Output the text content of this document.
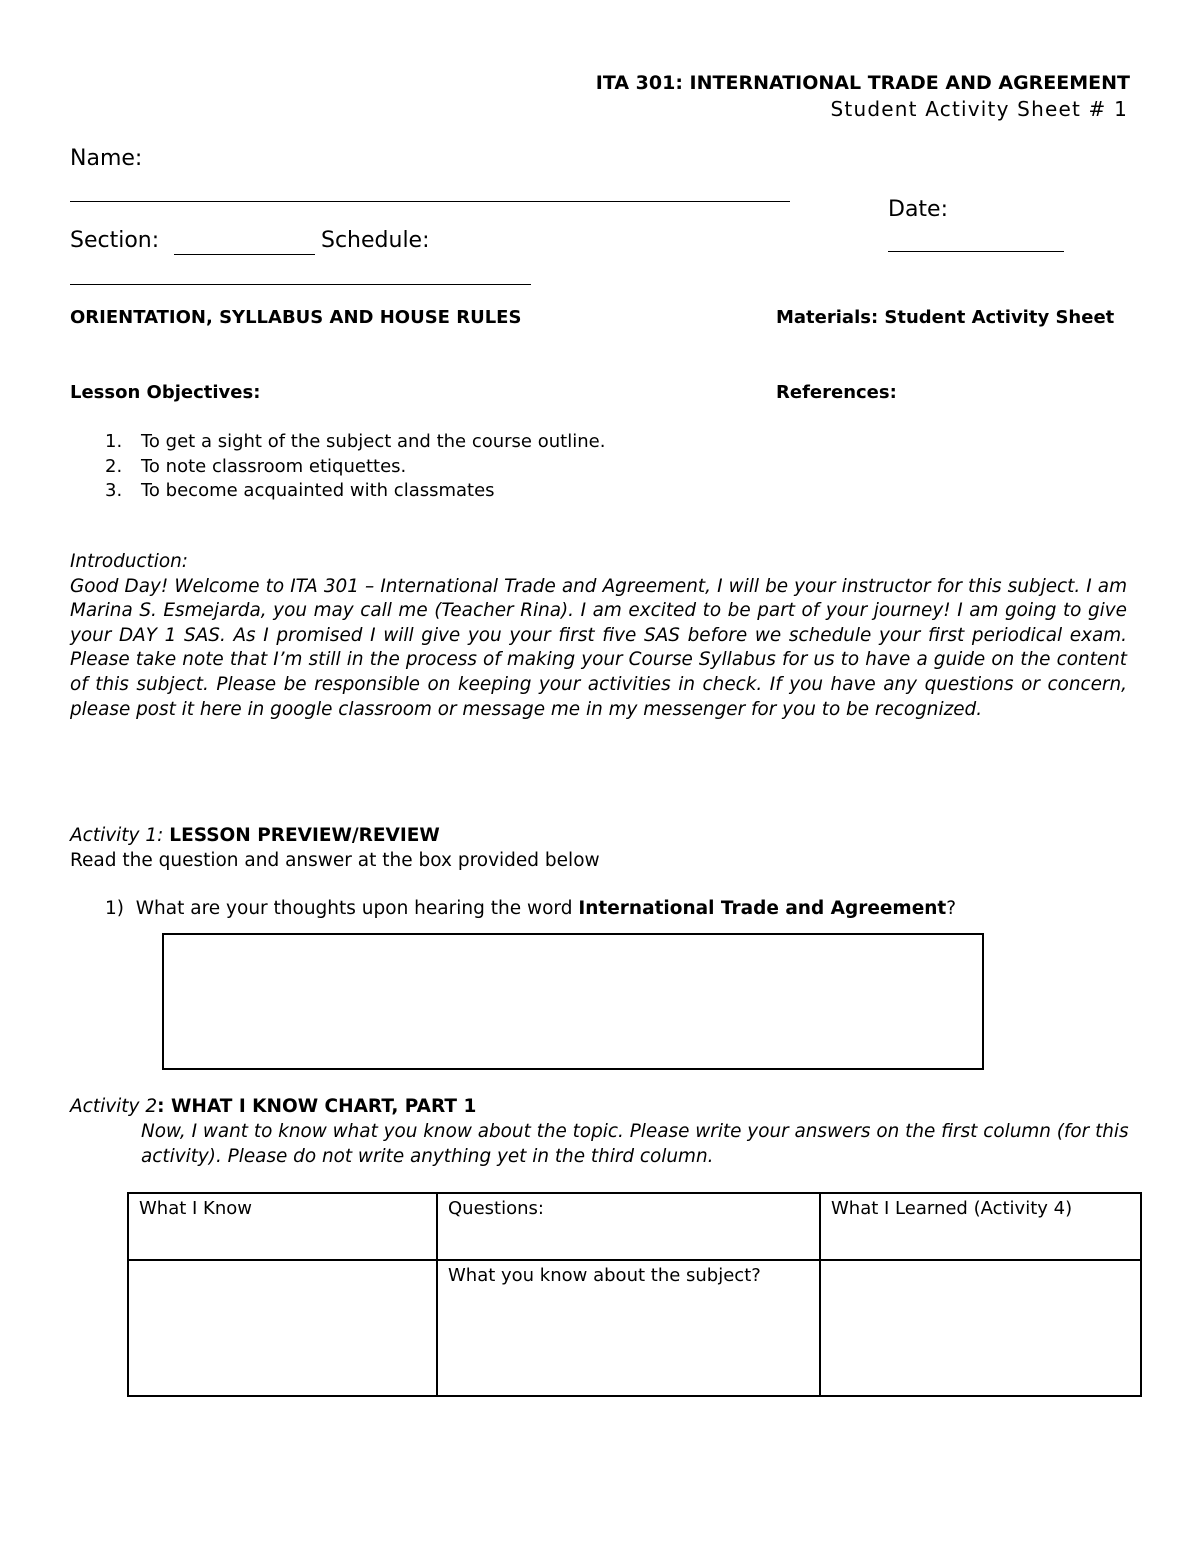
ITA 301: INTERNATIONAL TRADE AND AGREEMENT
Student Activity Sheet # 1
Name:
Date:
Section:	Schedule:
ORIENTATION, SYLLABUS AND HOUSE RULES	Materials: Student Activity Sheet
Lesson Objectives:	References:
1.	To get a sight of the subject and the course outline.
2.	To note classroom etiquettes.
3.	To become acquainted with classmates

Introduction:

Good Day! Welcome to ITA 301 – International Trade and Agreement, I will be your instructor for this subject. I am Marina S. Esmejarda, you may call me (Teacher Rina). I am excited to be part of your journey! I am going to give your DAY 1 SAS. As I promised I will give you your first five SAS before we schedule your first periodical exam. Please take note that I’m still in the process of making your Course Syllabus for us to have a guide on the content of this subject. Please be responsible on keeping your activities in check. If you have any questions or concern, please post it here in google classroom or message me in my messenger for you to be recognized.

Activity 1: LESSON PREVIEW/REVIEW
Read the question and answer at the box provided below
1) What are your thoughts upon hearing the word International Trade and Agreement?
Activity 2: WHAT I KNOW CHART, PART 1
Now, I want to know what you know about the topic. Please write your answers on the first column (for this activity). Please do not write anything yet in the third column.
What I Know	Questions:	What I Learned (Activity 4)
	What you know about the subject?	
